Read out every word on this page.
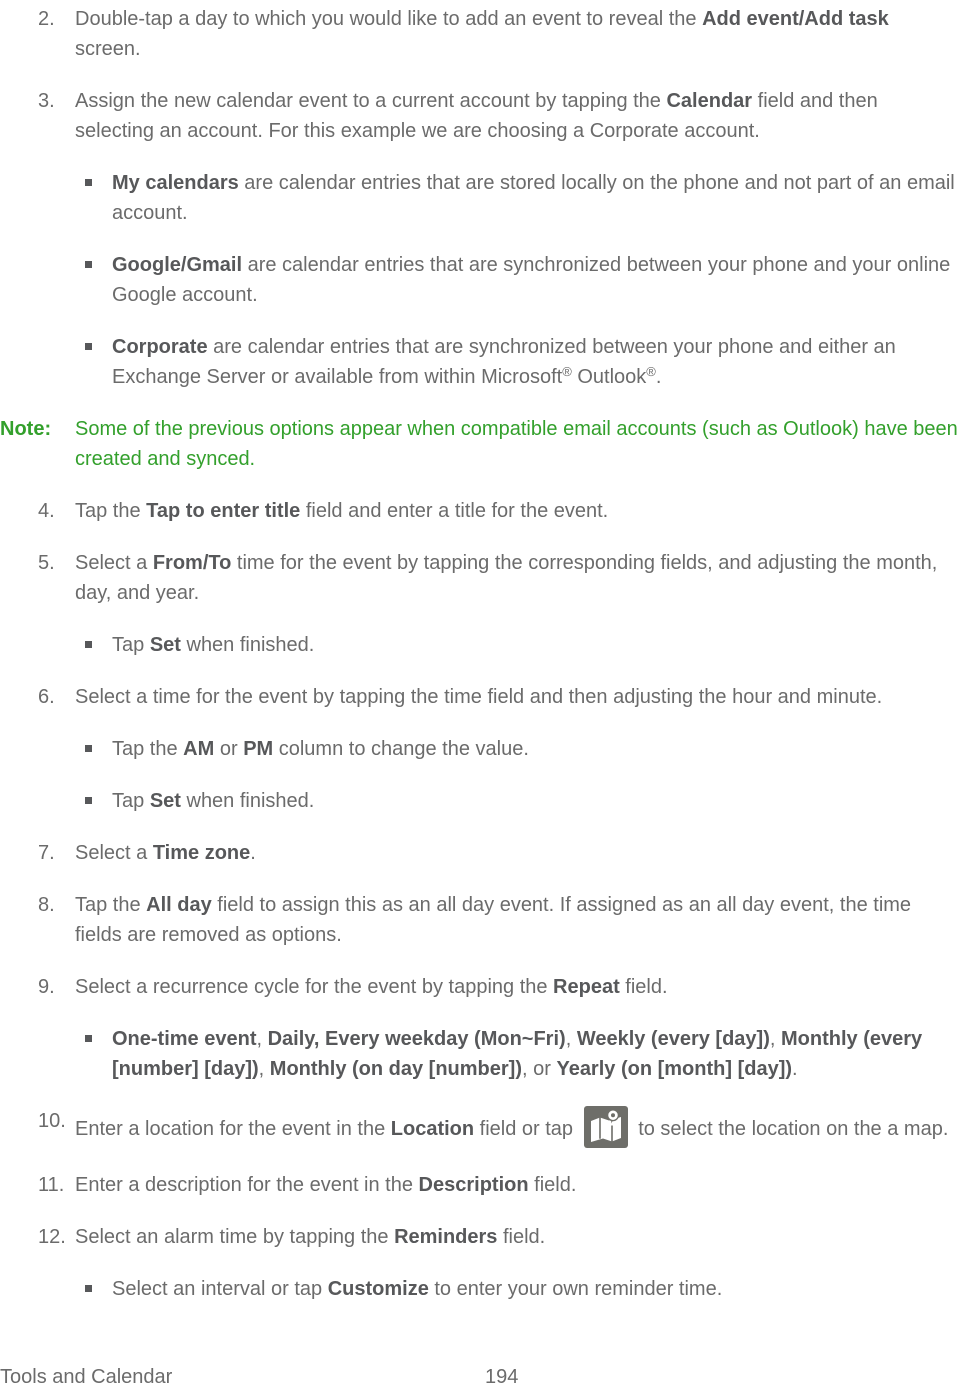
2.	Double-tap a day to which you would like to add an event to reveal the Add event/Add task screen.
3.	Assign the new calendar event to a current account by tapping the Calendar field and then selecting an account. For this example we are choosing a Corporate account.
My calendars are calendar entries that are stored locally on the phone and not part of an email account.
Google/Gmail are calendar entries that are synchronized between your phone and your online Google account.
Corporate are calendar entries that are synchronized between your phone and either an Exchange Server or available from within Microsoft® Outlook®.
Note:	Some of the previous options appear when compatible email accounts (such as Outlook) have been created and synced.
4.	Tap the Tap to enter title field and enter a title for the event.
5.	Select a From/To time for the event by tapping the corresponding fields, and adjusting the month, day, and year.
Tap Set when finished.
6.	Select a time for the event by tapping the time field and then adjusting the hour and minute.
Tap the AM or PM column to change the value.
Tap Set when finished.
7.	Select a Time zone.
8.	Tap the All day field to assign this as an all day event. If assigned as an all day event, the time fields are removed as options.
9.	Select a recurrence cycle for the event by tapping the Repeat field.
One-time event, Daily, Every weekday (Mon~Fri), Weekly (every [day]), Monthly (every [number] [day]), Monthly (on day [number]), or Yearly (on [month] [day]).
10. Enter a location for the event in the Location field or tap	to select the location on the a map.
11. Enter a description for the event in the Description field.
12. Select an alarm time by tapping the Reminders field.
Select an interval or tap Customize to enter your own reminder time.
Tools and Calendar	194
